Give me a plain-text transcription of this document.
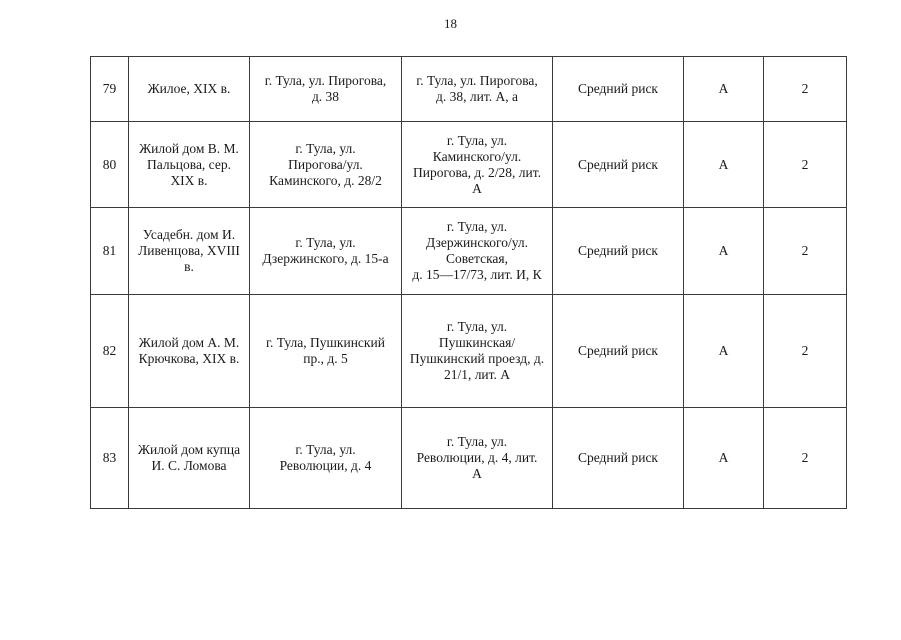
18
79	Жилое, XIX в.	г. Тула, ул. Пирогова,
д. 38	г. Тула, ул. Пирогова,
д. 38, лит. А, а	Средний риск	А	2
80	Жилой дом В. М.
Пальцова, сер.
XIX в.	г. Тула, ул.
Пирогова/ул.
Каминского, д. 28/2	г. Тула, ул.
Каминского/ул.
Пирогова, д. 2/28, лит.
А	Средний риск	А	2
81	Усадебн. дом И.
Ливенцова, XVIII
в.	г. Тула, ул.
Дзержинского, д. 15-а	г. Тула, ул.
Дзержинского/ул.
Советская,
д. 15—17/73, лит. И, К	Средний риск	А	2
82	Жилой дом А. М.
Крючкова, XIX в.	г. Тула, Пушкинский
пр., д. 5	г. Тула, ул.
Пушкинская/
Пушкинский проезд, д.
21/1, лит. А	Средний риск	А	2
83	Жилой дом купца
И. С. Ломова	г. Тула, ул.
Революции, д. 4	г. Тула, ул.
Революции, д. 4, лит.
А	Средний риск	А	2
